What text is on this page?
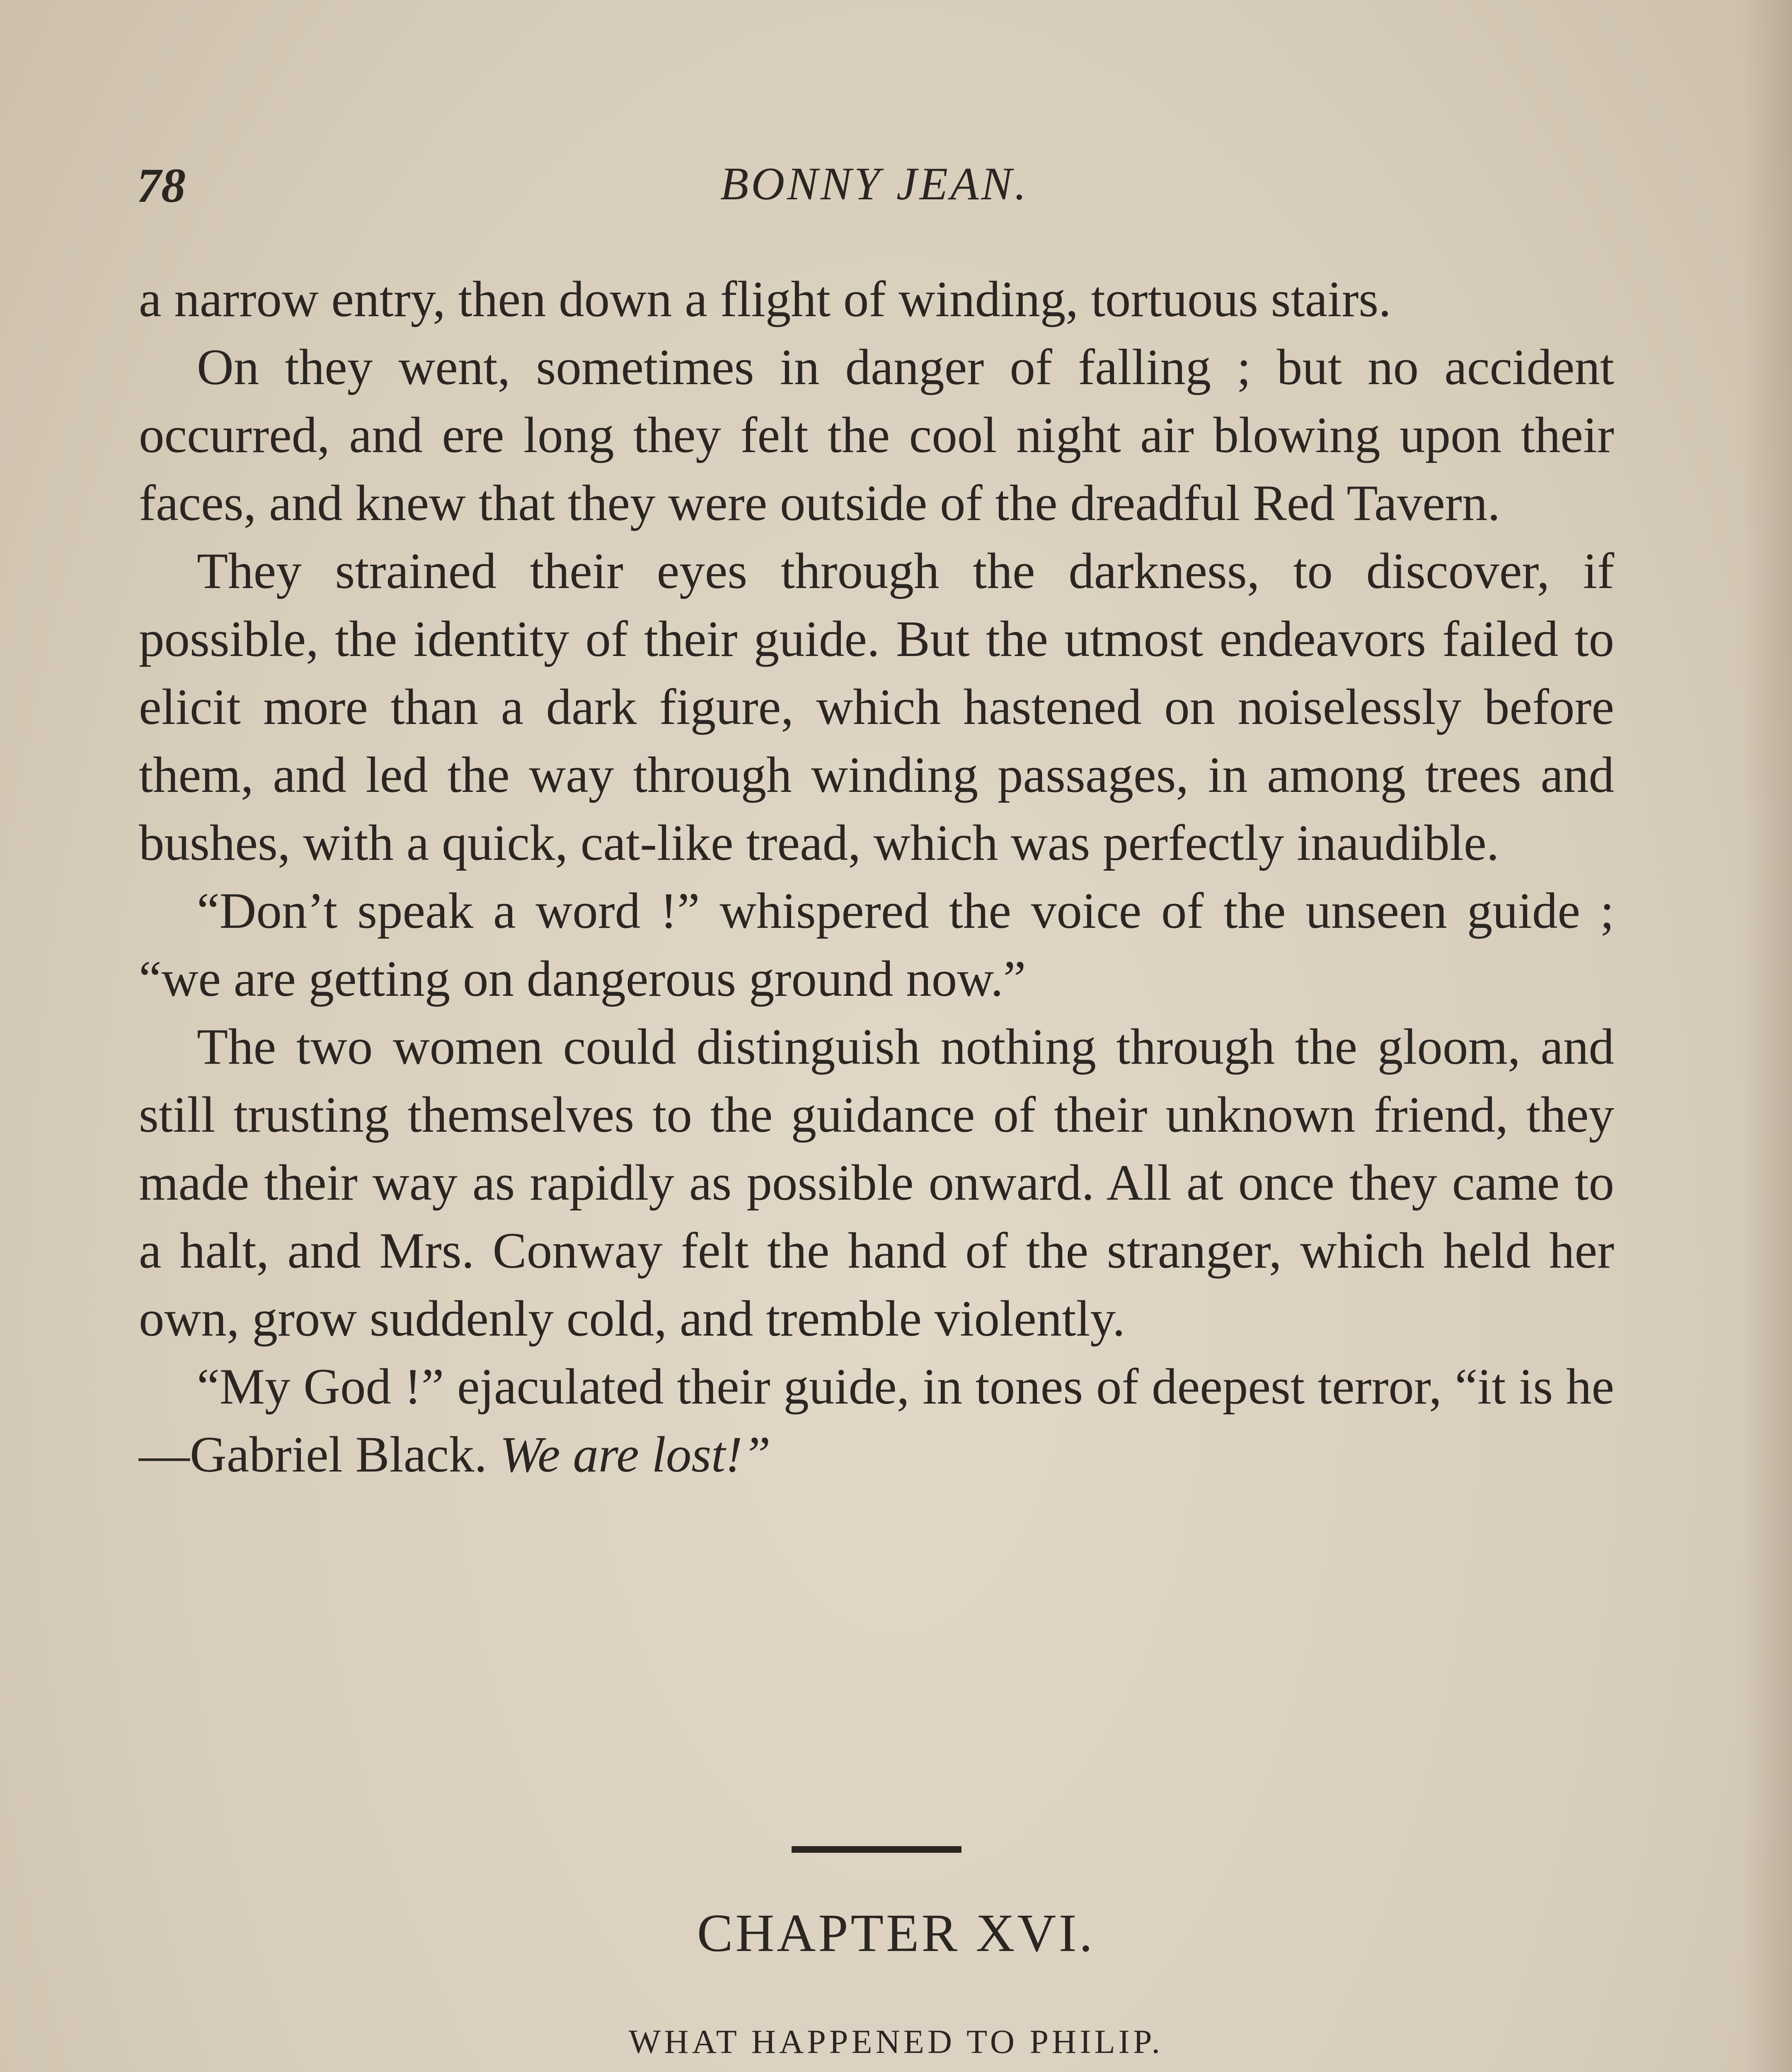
78	BONNY JEAN.

a narrow entry, then down a flight of winding, tortuous stairs.

On they went, sometimes in danger of falling ; but no accident occurred, and ere long they felt the cool night air blowing upon their faces, and knew that they were outside of the dreadful Red Tavern.

They strained their eyes through the darkness, to discover, if possible, the identity of their guide. But the utmost endeavors failed to elicit more than a dark figure, which hastened on noiselessly before them, and led the way through winding passages, in among trees and bushes, with a quick, cat-like tread, which was perfectly inaudible.

“Don’t speak a word !” whispered the voice of the unseen guide ; “we are getting on dangerous ground now.”

The two women could distinguish nothing through the gloom, and still trusting themselves to the guidance of their unknown friend, they made their way as rapidly as possible onward. All at once they came to a halt, and Mrs. Conway felt the hand of the stranger, which held her own, grow suddenly cold, and tremble violently.

“My God !” ejaculated their guide, in tones of deepest terror, “it is he—Gabriel Black. We are lost!”

CHAPTER XVI.
WHAT HAPPENED TO PHILIP.
